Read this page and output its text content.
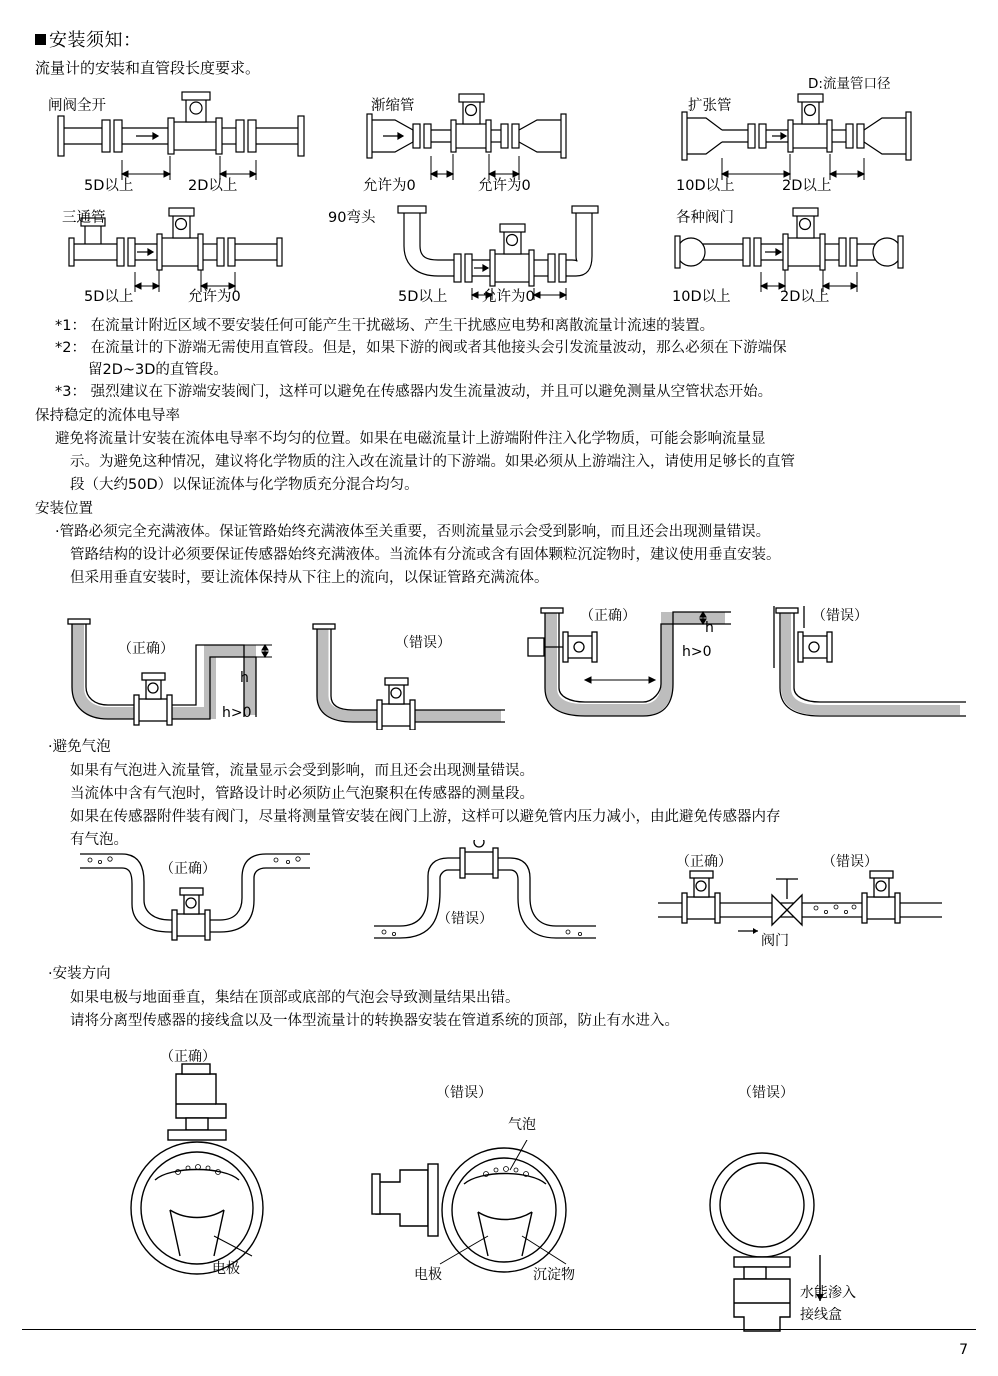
安装须知：
流量计的安装和直管段长度要求。
D:流量管口径
闸阀全开
5D以上	2D以上
渐缩管
允许为0	允许为0
扩张管
10D以上	2D以上
三通管
5D以上	允许为0
90弯头
5D以上 允许为0
各种阀门
10D以上	2D以上
*1： 在流量计附近区域不要安装任何可能产生干扰磁场、产生干扰感应电势和离散流量计流速的装置。
*2： 在流量计的下游端无需使用直管段。但是，如果下游的阀或者其他接头会引发流量波动，那么必须在下游端保
留2D~3D的直管段。
*3： 强烈建议在下游端安装阀门，这样可以避免在传感器内发生流量波动，并且可以避免测量从空管状态开始。
保持稳定的流体电导率
避免将流量计安装在流体电导率不均匀的位置。如果在电磁流量计上游端附件注入化学物质，可能会影响流量显
示。为避免这种情况，建议将化学物质的注入改在流量计的下游端。如果必须从上游端注入，请使用足够长的直管
段（大约50D）以保证流体与化学物质充分混合均匀。
安装位置
·管路必须完全充满液体。保证管路始终充满液体至关重要，否则流量显示会受到影响，而且还会出现测量错误。
管路结构的设计必须要保证传感器始终充满液体。当流体有分流或含有固体颗粒沉淀物时，建议使用垂直安装。
但采用垂直安装时，要让流体保持从下往上的流向，以保证管路充满流体。
（正确）
h
h>0
（错误）
（正确）
h
h>0
（错误）
·避免气泡
如果有气泡进入流量管，流量显示会受到影响，而且还会出现测量错误。
当流体中含有气泡时，管路设计时必须防止气泡聚积在传感器的测量段。
如果在传感器附件装有阀门，尽量将测量管安装在阀门上游，这样可以避免管内压力减小，由此避免传感器内存
有气泡。
（正确）
（错误）
（正确）	（错误）
阀门
·安装方向
如果电极与地面垂直，集结在顶部或底部的气泡会导致测量结果出错。
请将分离型传感器的接线盒以及一体型流量计的转换器安装在管道系统的顶部，防止有水进入。
（正确）
电极
（错误）
气泡
电极	沉淀物
（错误）
水能渗入
接线盒
7
